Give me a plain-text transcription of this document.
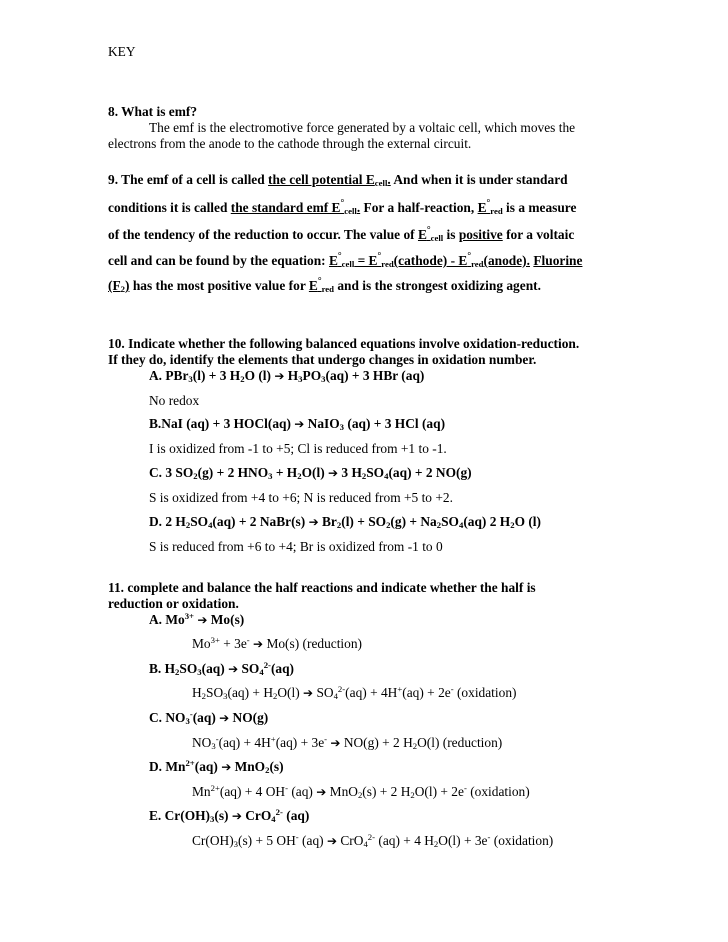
KEY
8. What is emf?
The emf is the electromotive force generated by a voltaic cell, which moves the
electrons from the anode to the cathode through the external circuit.
9. The emf of a cell is called the cell potential $E_{cell}$. And when it is under standard
conditions it is called the standard emf $E^\circ_{cell}$. For a half-reaction, $E^\circ_{red}$ is a measure
of the tendency of the reduction to occur. The value of $E^\circ_{cell}$ is positive for a voltaic
cell and can be found by the equation: $E^\circ_{cell}$ = $E^\circ_{red}(cathode)$ - $E^\circ_{red}(anode)$. Fluorine
$(F_2)$ has the most positive value for $E^\circ_{red}$ and is the strongest oxidizing agent.
10. Indicate whether the following balanced equations involve oxidation-reduction.
If they do, identify the elements that undergo changes in oxidation number.
A. PBr$_3$(l) + 3 $H_2O$ (l) ➔ $H_3PO_3(aq) + 3$ HBr (aq)
No redox
B.NaI (aq) + 3 HOCl(aq) ➔ NaIO$_3$ (aq) + 3 HCl (aq)
I is oxidized from -1 to +5; Cl is reduced from +1 to -1.
C. 3 $SO_2(g) + 2$ $HNO_3 + H_2O(l)$ ➔ 3 $H_2SO_4(aq) + 2$ NO(g)
S is oxidized from +4 to +6; N is reduced from +5 to +2.
D. 2 $H_2SO_4(aq) + 2$ NaBr(s) ➔ $Br_2(l) + SO_2(g) + Na_2SO_4(aq)$ 2 $H_2O$ (l)
S is reduced from +6 to +4; Br is oxidized from -1 to 0
11. complete and balance the half reactions and indicate whether the half is
reduction or oxidation.
A. $Mo^{3+}$ ➔ Mo(s)
$Mo^{3+} + 3e^-$ ➔ Mo(s) (reduction)
B. $H_2SO_3(aq)$ ➔ $SO_4^{2-}(aq)$
$H_2SO_3(aq) + H_2O(l)$ ➔ $SO_4^{2-}(aq) + 4H^+(aq) + 2e^-$ (oxidation)
C. $NO_3^-(aq)$ ➔ NO(g)
$NO_3^-(aq) + 4H^+(aq) + 3e^-$ ➔ NO(g) + 2 $H_2O(l)$ (reduction)
D. $Mn^{2+}(aq)$ ➔ MnO$_2$(s)
$Mn^{2+}(aq) + 4$ OH- (aq) ➔ MnO$_2$(s) + 2 $H_2O(l) + 2e^-$ (oxidation)
E. $Cr(OH)_3(s)$ ➔ CrO$_4^{2-}$ (aq)
$Cr(OH)_3(s) + 5$ OH- (aq) ➔ CrO$_4^{2-}$ (aq) + 4 $H_2O(l) + 3e^-$ (oxidation)
